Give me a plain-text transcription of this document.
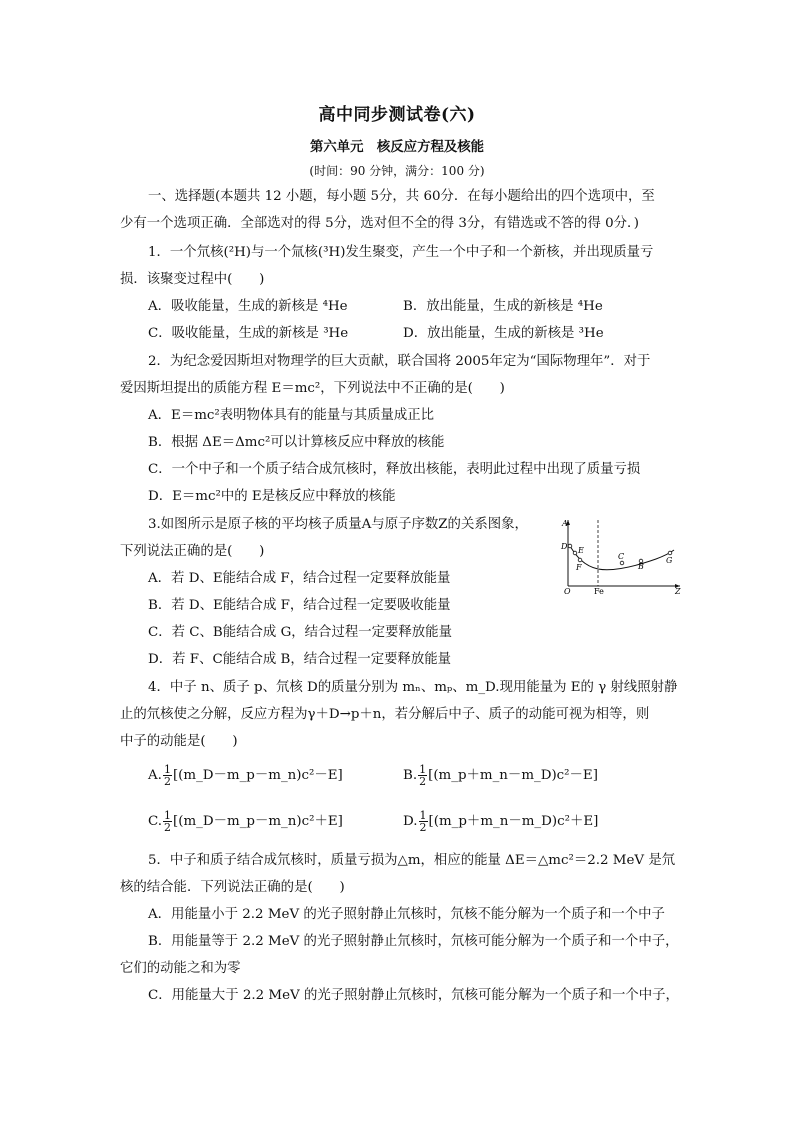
高中同步测试卷(六)
第六单元　核反应方程及核能
(时间：90 分钟，满分：100 分)
一、选择题(本题共 12 小题，每小题 5分，共 60分．在每小题给出的四个选项中，至
少有一个选项正确．全部选对的得 5分，选对但不全的得 3分，有错选或不答的得 0分．)
1．一个氘核(²H)与一个氚核(³H)发生聚变，产生一个中子和一个新核，并出现质量亏
损．该聚变过程中(　　)
A．吸收能量，生成的新核是 ⁴He	B．放出能量，生成的新核是 ⁴He
C．吸收能量，生成的新核是 ³He	D．放出能量，生成的新核是 ³He
2．为纪念爱因斯坦对物理学的巨大贡献，联合国将 2005年定为“国际物理年”．对于
爱因斯坦提出的质能方程 E＝mc²，下列说法中不正确的是(　　)
A．E＝mc²表明物体具有的能量与其质量成正比
B．根据 ΔE＝Δmc²可以计算核反应中释放的核能
C．一个中子和一个质子结合成氘核时，释放出核能，表明此过程中出现了质量亏损
D．E＝mc²中的 E是核反应中释放的核能
3.如图所示是原子核的平均核子质量A与原子序数Z的关系图象，
下列说法正确的是(　　)
A．若 D、E能结合成 F，结合过程一定要释放能量
B．若 D、E能结合成 F，结合过程一定要吸收能量
C．若 C、B能结合成 G，结合过程一定要释放能量
D．若 F、C能结合成 B，结合过程一定要释放能量
A
Z
O	Fe
D E
F
C
B
G
4．中子 n、质子 p、氘核 D的质量分别为 mₙ、mₚ、m_D.现用能量为 E的 γ 射线照射静
止的氘核使之分解，反应方程为γ＋D→p＋n，若分解后中子、质子的动能可视为相等，则
中子的动能是(　　)
A. $\frac{1}{2}$ [(m_D－m_p－m_n)c²－E]	B. $\frac{1}{2}$ [(m_p＋m_n－m_D)c²－E]
C. $\frac{1}{2}$ [(m_D－m_p－m_n)c²＋E]	D. $\frac{1}{2}$ [(m_p＋m_n－m_D)c²＋E]
5．中子和质子结合成氘核时，质量亏损为△m，相应的能量 ΔE＝△mc²＝2.2 MeV 是氘
核的结合能．下列说法正确的是(　　)
A．用能量小于 2.2 MeV 的光子照射静止氘核时，氘核不能分解为一个质子和一个中子
B．用能量等于 2.2 MeV 的光子照射静止氘核时，氘核可能分解为一个质子和一个中子，
它们的动能之和为零
C．用能量大于 2.2 MeV 的光子照射静止氘核时，氘核可能分解为一个质子和一个中子，
